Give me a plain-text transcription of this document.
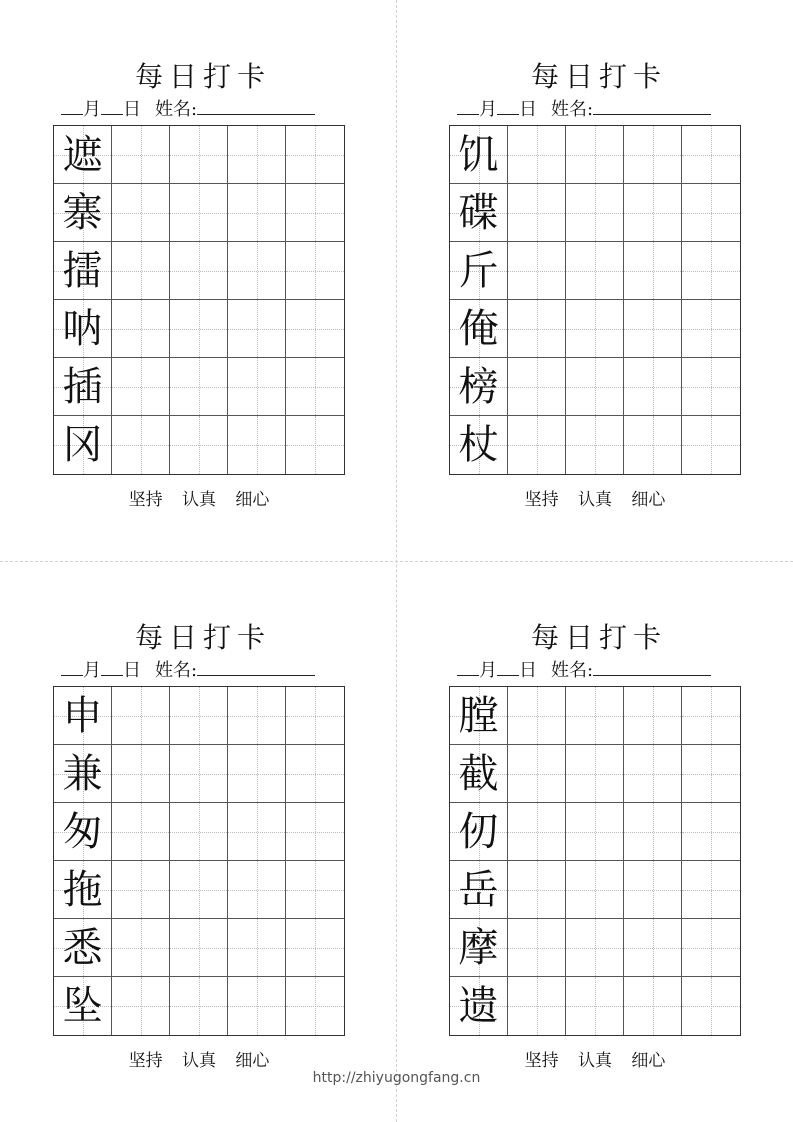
每日打卡
月 日 姓名:
遮
寨
擂
呐
插
冈
坚持 认真 细心
每日打卡
月 日 姓名:
饥
碟
斤
俺
榜
杖
坚持 认真 细心
每日打卡
月 日 姓名:
申
兼
匆
拖
悉
坠
坚持 认真 细心
每日打卡
月 日 姓名:
膛
截
仞
岳
摩
遗
坚持 认真 细心
http://zhiyugongfang.cn
